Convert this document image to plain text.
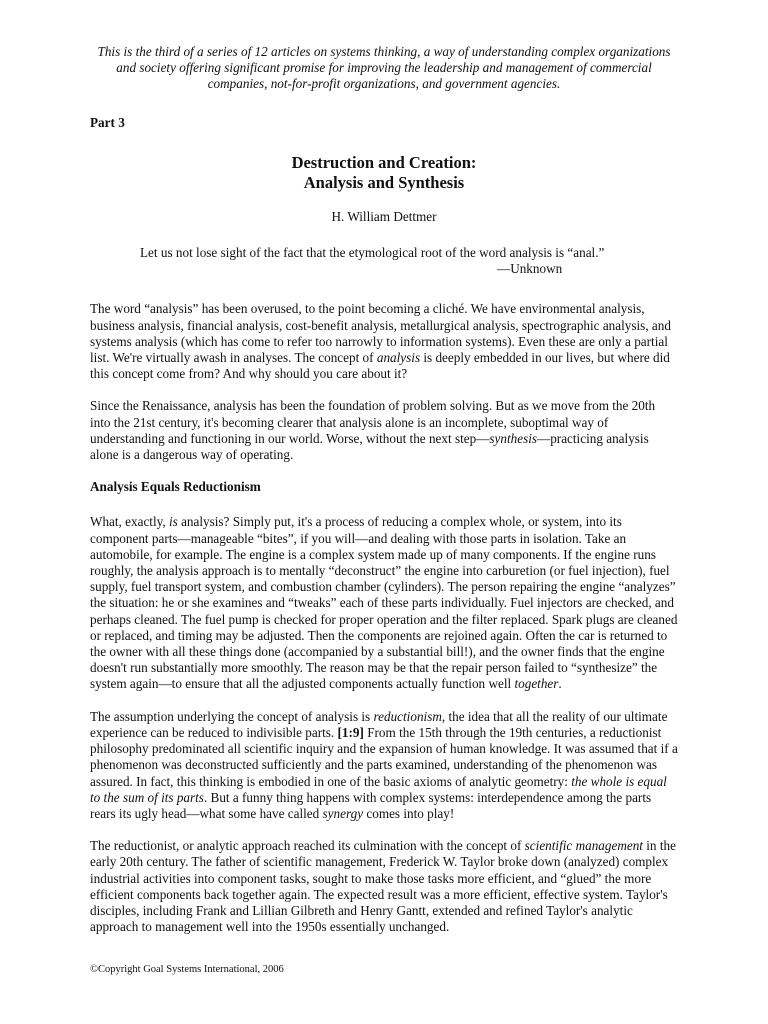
This is the third of a series of 12 articles on systems thinking, a way of understanding complex organizations and society offering significant promise for improving the leadership and management of commercial companies, not-for-profit organizations, and government agencies.

Part 3
Destruction and Creation:
Analysis and Synthesis
H. William Dettmer
Let us not lose sight of the fact that the etymological root of the word analysis is “anal.”
—Unknown

The word “analysis” has been overused, to the point becoming a cliché. We have environmental analysis, business analysis, financial analysis, cost-benefit analysis, metallurgical analysis, spectrographic analysis, and systems analysis (which has come to refer too narrowly to information systems). Even these are only a partial list. We're virtually awash in analyses. The concept of analysis is deeply embedded in our lives, but where did this concept come from? And why should you care about it?

Since the Renaissance, analysis has been the foundation of problem solving. But as we move from the 20th into the 21st century, it's becoming clearer that analysis alone is an incomplete, suboptimal way of understanding and functioning in our world. Worse, without the next step—synthesis—practicing analysis alone is a dangerous way of operating.

Analysis Equals Reductionism

What, exactly, is analysis? Simply put, it's a process of reducing a complex whole, or system, into its component parts—manageable “bites”, if you will—and dealing with those parts in isolation. Take an automobile, for example. The engine is a complex system made up of many components. If the engine runs roughly, the analysis approach is to mentally “deconstruct” the engine into carburetion (or fuel injection), fuel supply, fuel transport system, and combustion chamber (cylinders). The person repairing the engine “analyzes” the situation: he or she examines and “tweaks” each of these parts individually. Fuel injectors are checked, and perhaps cleaned. The fuel pump is checked for proper operation and the filter replaced. Spark plugs are cleaned or replaced, and timing may be adjusted. Then the components are rejoined again. Often the car is returned to the owner with all these things done (accompanied by a substantial bill!), and the owner finds that the engine doesn't run substantially more smoothly. The reason may be that the repair person failed to “synthesize” the system again—to ensure that all the adjusted components actually function well together.

The assumption underlying the concept of analysis is reductionism, the idea that all the reality of our ultimate experience can be reduced to indivisible parts. [1:9] From the 15th through the 19th centuries, a reductionist philosophy predominated all scientific inquiry and the expansion of human knowledge. It was assumed that if a phenomenon was deconstructed sufficiently and the parts examined, understanding of the phenomenon was assured. In fact, this thinking is embodied in one of the basic axioms of analytic geometry: the whole is equal to the sum of its parts. But a funny thing happens with complex systems: interdependence among the parts rears its ugly head—what some have called synergy comes into play!

The reductionist, or analytic approach reached its culmination with the concept of scientific management in the early 20th century. The father of scientific management, Frederick W. Taylor broke down (analyzed) complex industrial activities into component tasks, sought to make those tasks more efficient, and “glued” the more efficient components back together again. The expected result was a more efficient, effective system. Taylor's disciples, including Frank and Lillian Gilbreth and Henry Gantt, extended and refined Taylor's analytic approach to management well into the 1950s essentially unchanged.

©Copyright Goal Systems International, 2006
